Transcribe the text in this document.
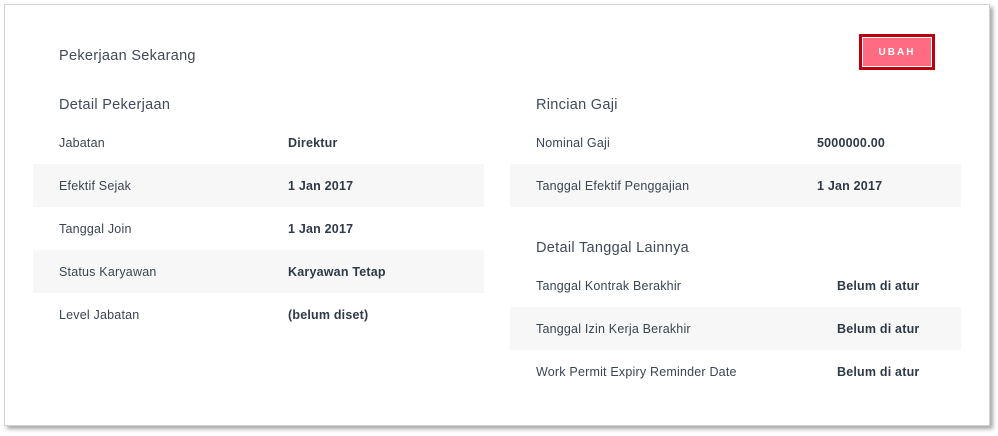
Pekerjaan Sekarang	UBAH
Detail Pekerjaan
Jabatan	Direktur
Efektif Sejak	1 Jan 2017
Tanggal Join	1 Jan 2017
Status Karyawan	Karyawan Tetap
Level Jabatan	(belum diset)
Rincian Gaji
Nominal Gaji	5000000.00
Tanggal Efektif Penggajian	1 Jan 2017
Detail Tanggal Lainnya
Tanggal Kontrak Berakhir	Belum di atur
Tanggal Izin Kerja Berakhir	Belum di atur
Work Permit Expiry Reminder Date	Belum di atur
